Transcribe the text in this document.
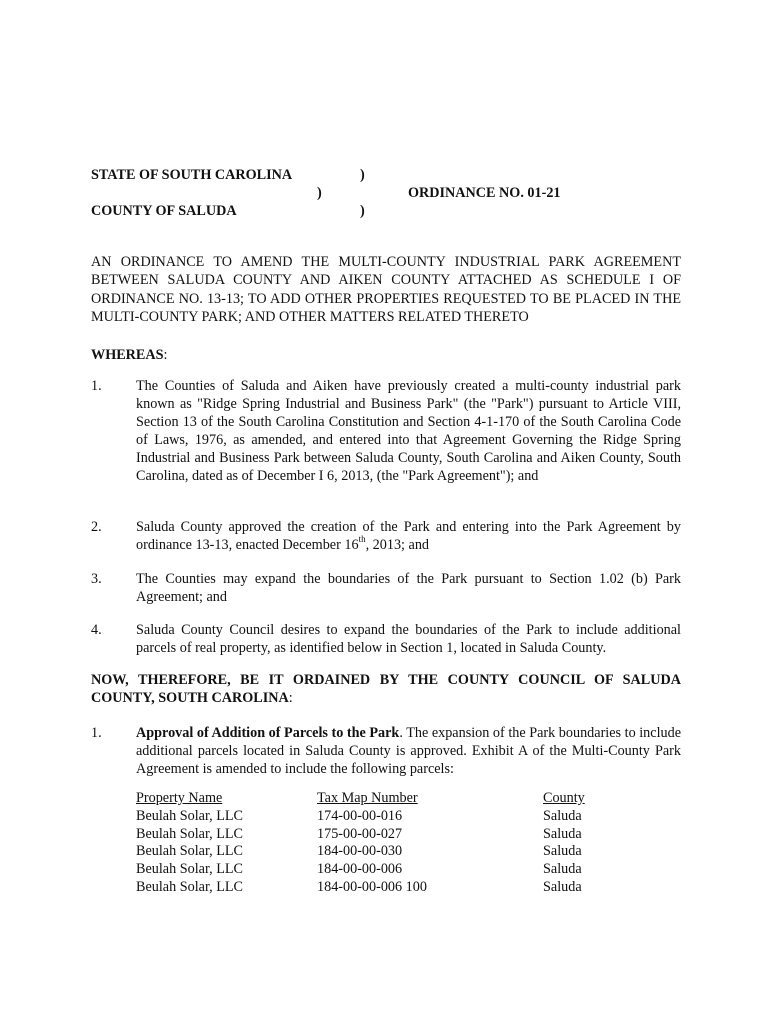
STATE OF SOUTH CAROLINA	)
)	ORDINANCE NO. 01-21
COUNTY OF SALUDA	)
AN ORDINANCE TO AMEND THE MULTI-COUNTY INDUSTRIAL PARK AGREEMENT BETWEEN SALUDA COUNTY AND AIKEN COUNTY ATTACHED AS SCHEDULE I OF ORDINANCE NO. 13-13; TO ADD OTHER PROPERTIES REQUESTED TO BE PLACED IN THE MULTI-COUNTY PARK; AND OTHER MATTERS RELATED THERETO
WHEREAS:
1. The Counties of Saluda and Aiken have previously created a multi-county industrial park known as "Ridge Spring Industrial and Business Park" (the "Park") pursuant to Article VIII, Section 13 of the South Carolina Constitution and Section 4-1-170 of the South Carolina Code of Laws, 1976, as amended, and entered into that Agreement Governing the Ridge Spring Industrial and Business Park between Saluda County, South Carolina and Aiken County, South Carolina, dated as of December I 6, 2013, (the "Park Agreement"); and
2. Saluda County approved the creation of the Park and entering into the Park Agreement by ordinance 13-13, enacted December 16th, 2013; and
3. The Counties may expand the boundaries of the Park pursuant to Section 1.02 (b) Park Agreement; and
4. Saluda County Council desires to expand the boundaries of the Park to include additional parcels of real property, as identified below in Section 1, located in Saluda County.
NOW, THEREFORE, BE IT ORDAINED BY THE COUNTY COUNCIL OF SALUDA COUNTY, SOUTH CAROLINA:
1. Approval of Addition of Parcels to the Park. The expansion of the Park boundaries to include additional parcels located in Saluda County is approved. Exhibit A of the Multi-County Park Agreement is amended to include the following parcels:
Property Name	Tax Map Number	County
Beulah Solar, LLC	174-00-00-016	Saluda
Beulah Solar, LLC	175-00-00-027	Saluda
Beulah Solar, LLC	184-00-00-030	Saluda
Beulah Solar, LLC	184-00-00-006	Saluda
Beulah Solar, LLC	184-00-00-006 100	Saluda
